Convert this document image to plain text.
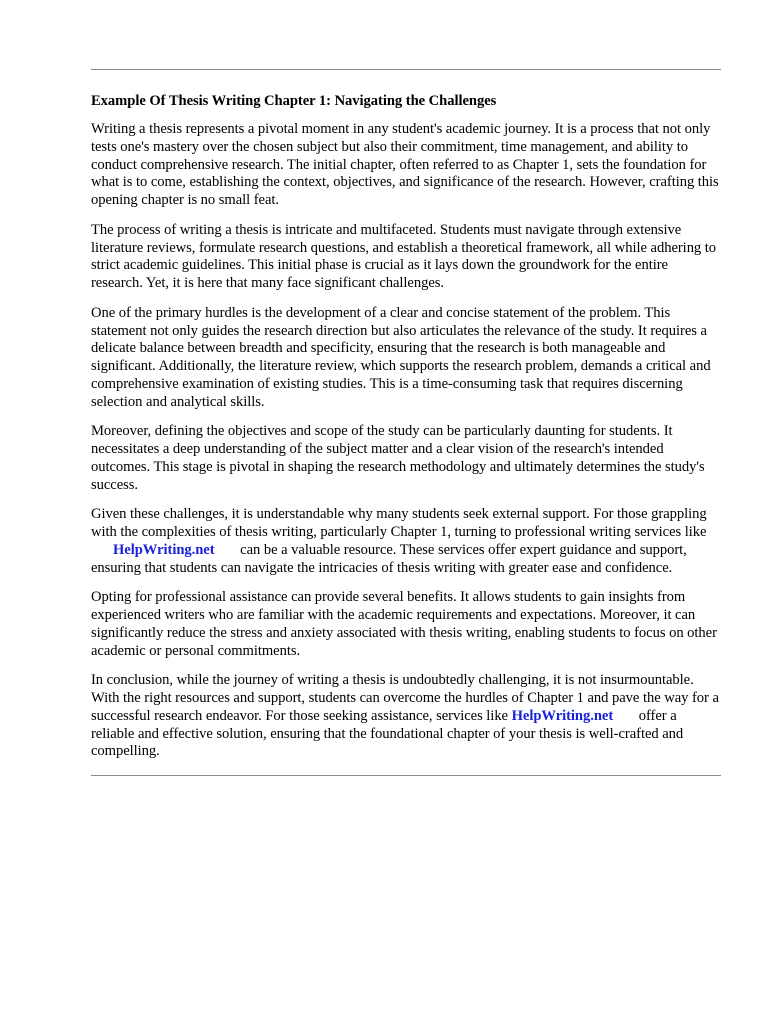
Example Of Thesis Writing Chapter 1: Navigating the Challenges

Writing a thesis represents a pivotal moment in any student's academic journey. It is a process that not only tests one's mastery over the chosen subject but also their commitment, time management, and ability to conduct comprehensive research. The initial chapter, often referred to as Chapter 1, sets the foundation for what is to come, establishing the context, objectives, and significance of the research. However, crafting this opening chapter is no small feat.

The process of writing a thesis is intricate and multifaceted. Students must navigate through extensive literature reviews, formulate research questions, and establish a theoretical framework, all while adhering to strict academic guidelines. This initial phase is crucial as it lays down the groundwork for the entire research. Yet, it is here that many face significant challenges.

One of the primary hurdles is the development of a clear and concise statement of the problem. This statement not only guides the research direction but also articulates the relevance of the study. It requires a delicate balance between breadth and specificity, ensuring that the research is both manageable and significant. Additionally, the literature review, which supports the research problem, demands a critical and comprehensive examination of existing studies. This is a time-consuming task that requires discerning selection and analytical skills.

Moreover, defining the objectives and scope of the study can be particularly daunting for students. It necessitates a deep understanding of the subject matter and a clear vision of the research's intended outcomes. This stage is pivotal in shaping the research methodology and ultimately determines the study's success.

Given these challenges, it is understandable why many students seek external support. For those grappling with the complexities of thesis writing, particularly Chapter 1, turning to professional writing services like HelpWriting.net can be a valuable resource. These services offer expert guidance and support, ensuring that students can navigate the intricacies of thesis writing with greater ease and confidence.

Opting for professional assistance can provide several benefits. It allows students to gain insights from experienced writers who are familiar with the academic requirements and expectations. Moreover, it can significantly reduce the stress and anxiety associated with thesis writing, enabling students to focus on other academic or personal commitments.

In conclusion, while the journey of writing a thesis is undoubtedly challenging, it is not insurmountable. With the right resources and support, students can overcome the hurdles of Chapter 1 and pave the way for a successful research endeavor. For those seeking assistance, services like HelpWriting.net offer a reliable and effective solution, ensuring that the foundational chapter of your thesis is well-crafted and compelling.
